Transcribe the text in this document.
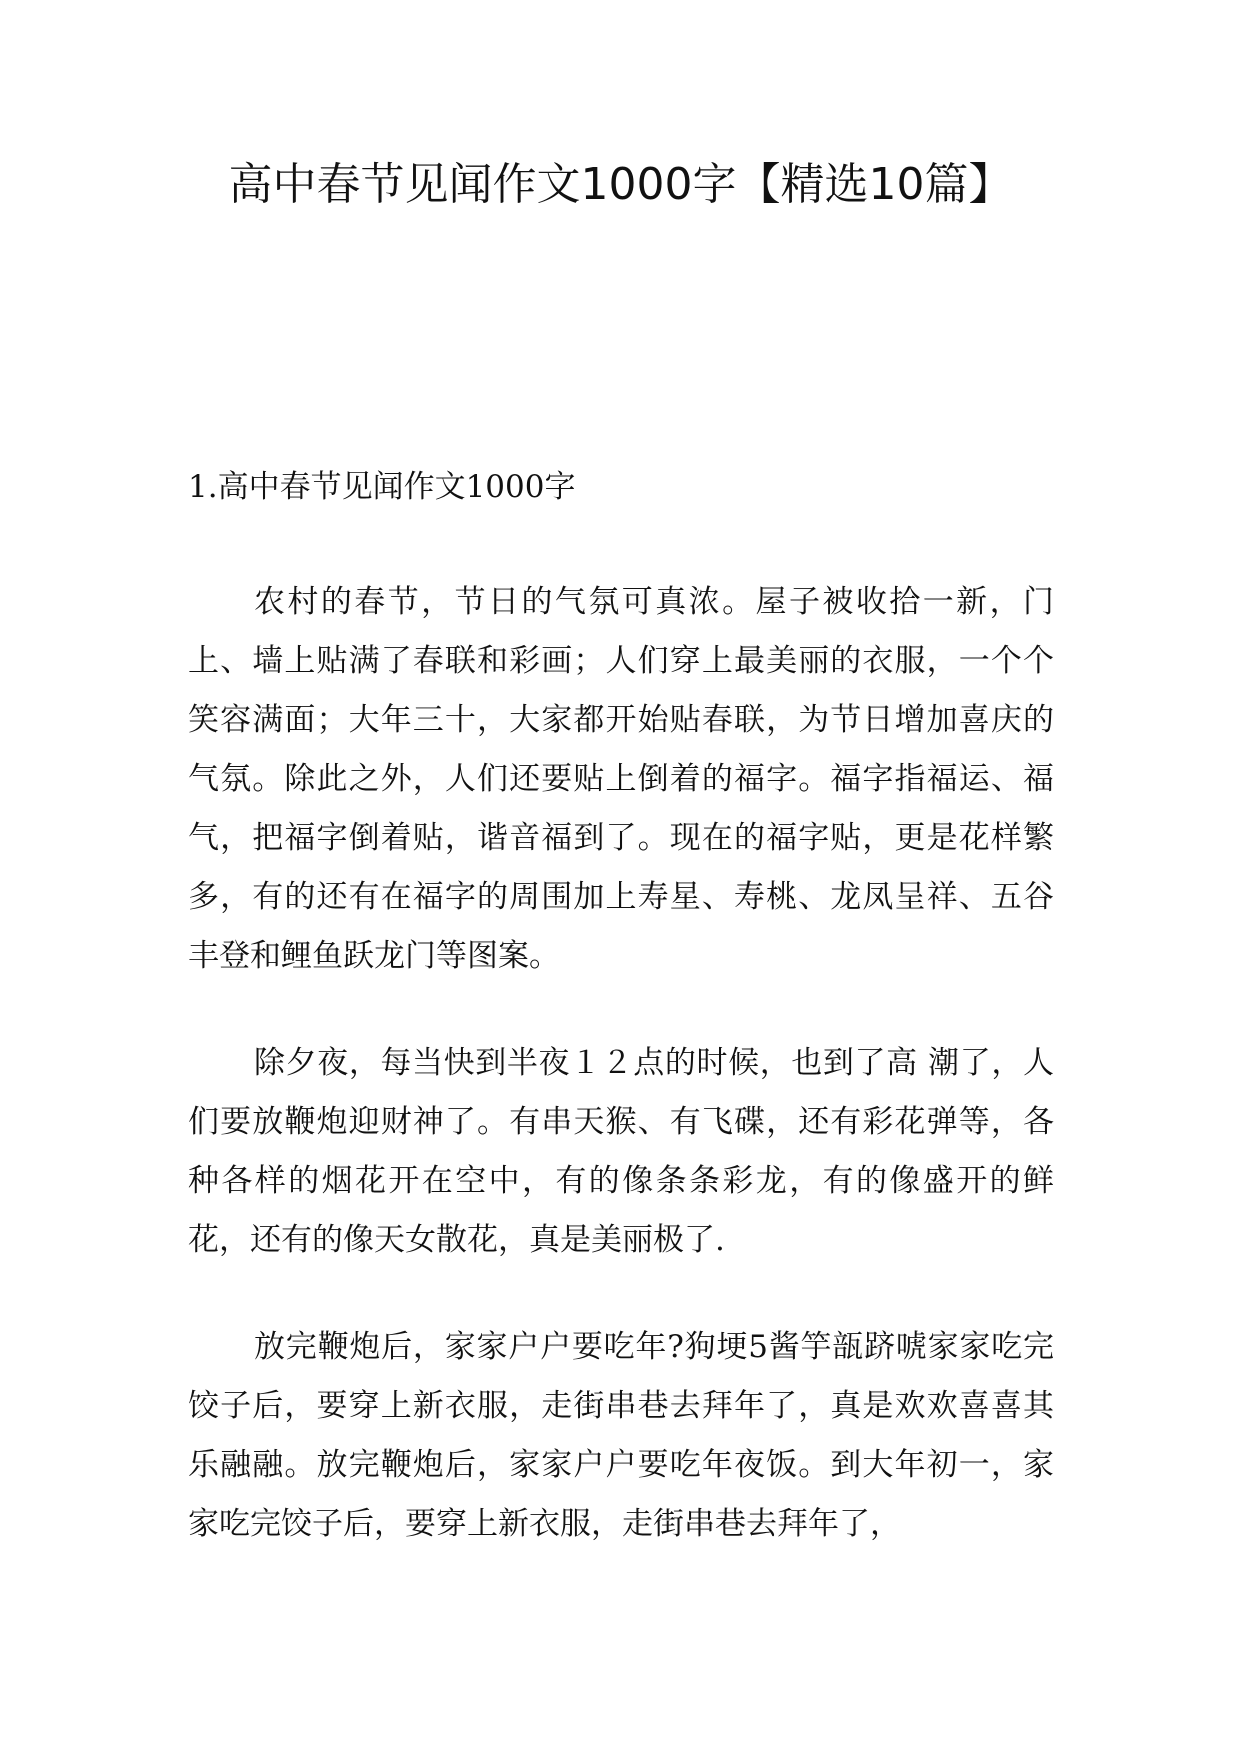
高中春节见闻作文1000字【精选10篇】
1.高中春节见闻作文1000字

农村的春节，节日的气氛可真浓。屋子被收拾一新，门上、墙上贴满了春联和彩画；人们穿上最美丽的衣服，一个个笑容满面；大年三十，大家都开始贴春联，为节日增加喜庆的气氛。除此之外，人们还要贴上倒着的福字。福字指福运、福气，把福字倒着贴，谐音福到了。现在的福字贴，更是花样繁多，有的还有在福字的周围加上寿星、寿桃、龙凤呈祥、五谷丰登和鲤鱼跃龙门等图案。

除夕夜，每当快到半夜１２点的时候，也到了高 潮了，人们要放鞭炮迎财神了。有串天猴、有飞碟，还有彩花弹等，各种各样的烟花开在空中，有的像条条彩龙，有的像盛开的鲜花，还有的像天女散花，真是美丽极了.

放完鞭炮后，家家户户要吃年?狗埂5酱竽瓿跻唬家家吃完饺子后，要穿上新衣服，走街串巷去拜年了，真是欢欢喜喜其乐融融。放完鞭炮后，家家户户要吃年夜饭。到大年初一，家家吃完饺子后，要穿上新衣服，走街串巷去拜年了，
